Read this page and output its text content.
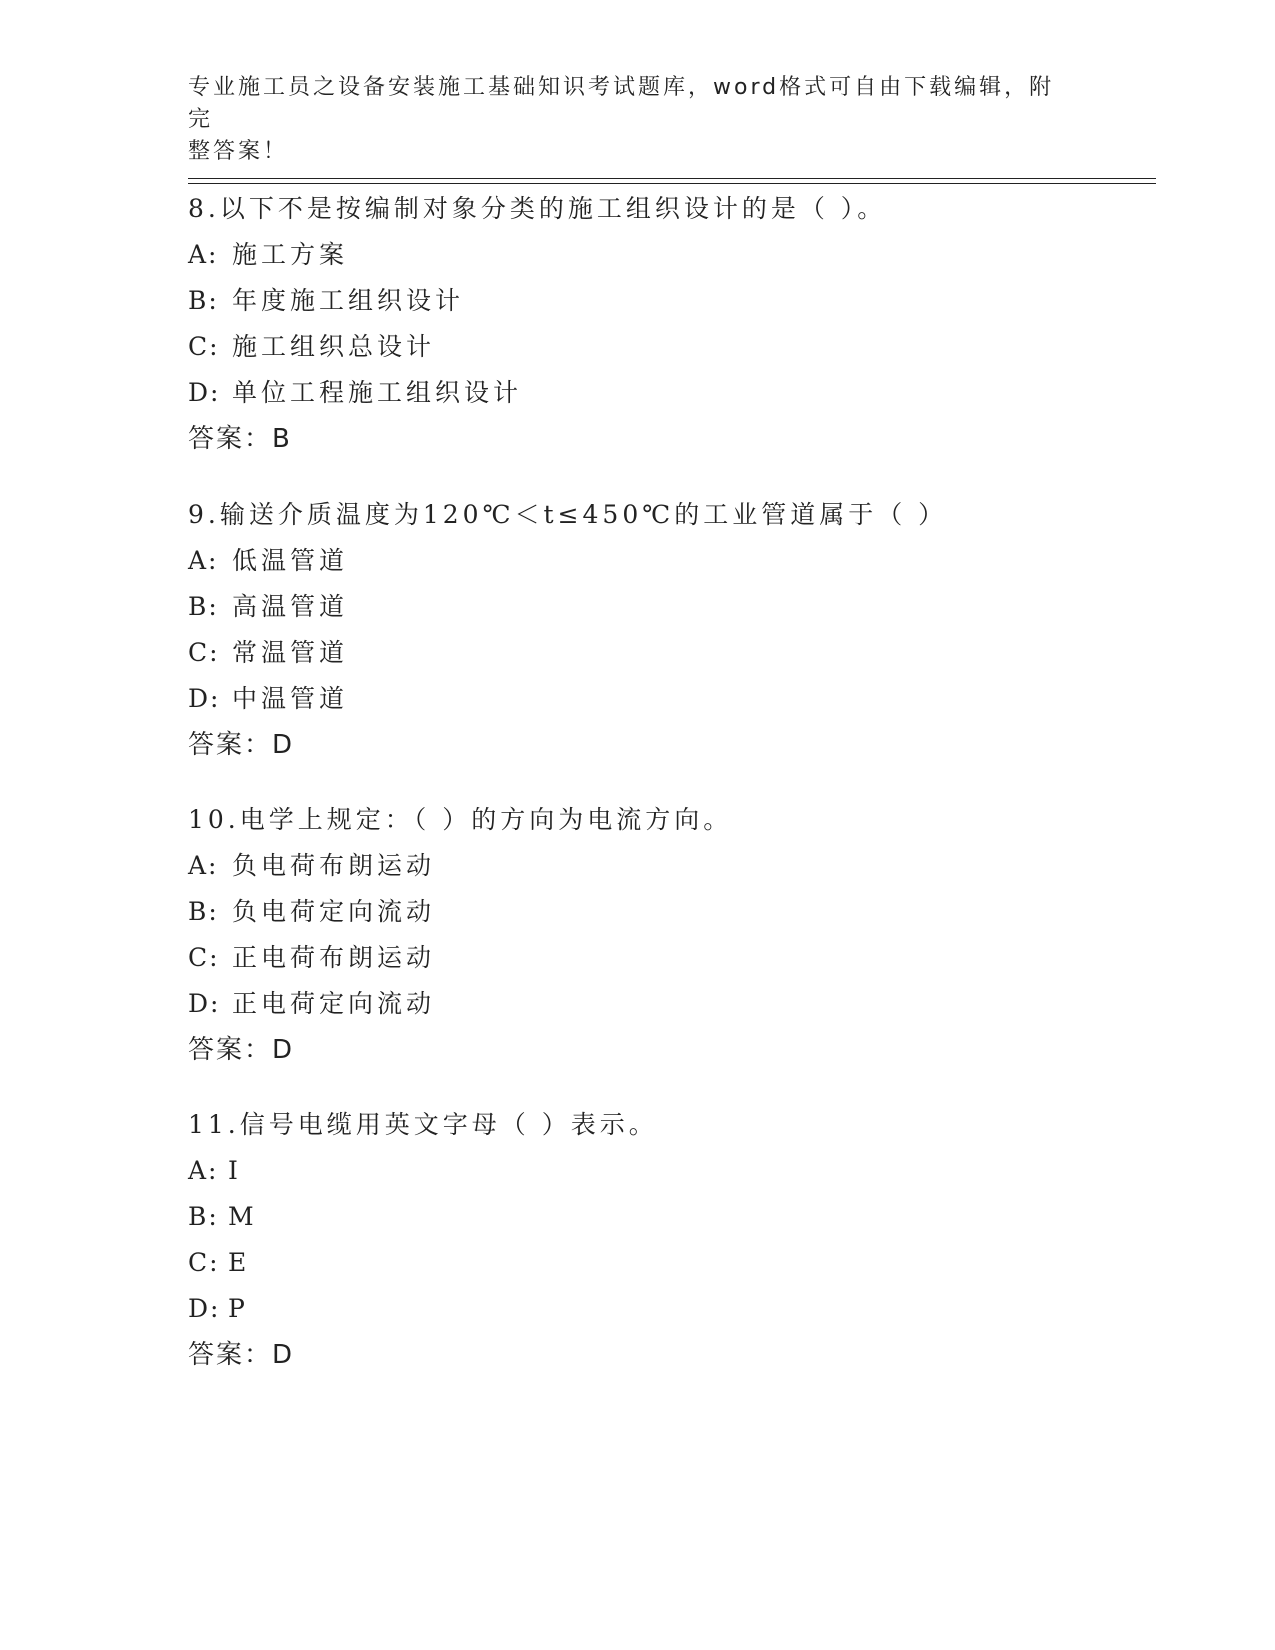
专业施工员之设备安装施工基础知识考试题库，word格式可自由下载编辑，附完
整答案！
8.以下不是按编制对象分类的施工组织设计的是（ ）。
A: 施工方案
B: 年度施工组织设计
C: 施工组织总设计
D: 单位工程施工组织设计
答案：B
9.输送介质温度为120℃＜t≤450℃的工业管道属于（ ）
A: 低温管道
B: 高温管道
C: 常温管道
D: 中温管道
答案：D
10.电学上规定：（ ）的方向为电流方向。
A: 负电荷布朗运动
B: 负电荷定向流动
C: 正电荷布朗运动
D: 正电荷定向流动
答案：D
11.信号电缆用英文字母（ ）表示。
A: I
B: M
C: E
D: P
答案：D
